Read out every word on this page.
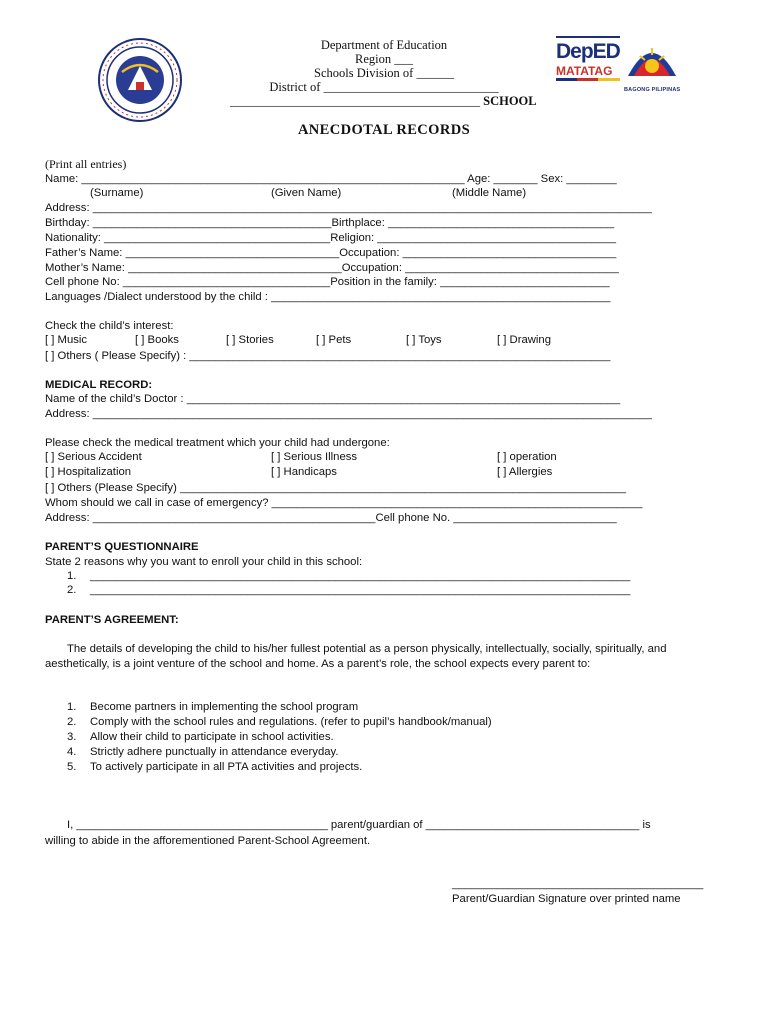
Department of Education
Region ___
Schools Division of ______
District of ____________________________
________________________________________ SCHOOL
DepED
MATATAG
BAGONG PILIPINAS
ANECDOTAL RECORDS
(Print all entries)
Name: _____________________________________________________________ Age: _______ Sex: ________
(Surname)	(Given Name)	(Middle Name)
Address: _________________________________________________________________________________________
Birthday: ______________________________________Birthplace: ____________________________________
Nationality: ____________________________________Religion: ______________________________________
Father’s Name: __________________________________Occupation: __________________________________
Mother’s Name: __________________________________Occupation: __________________________________
Cell phone No: _________________________________Position in the family: ___________________________
Languages /Dialect understood by the child : ______________________________________________________
Check the child’s interest:
[ ] Music	[ ] Books	[ ] Stories	[ ] Pets	[ ] Toys	[ ] Drawing
[ ] Others ( Please Specify) : ___________________________________________________________________
MEDICAL RECORD:
Name of the child’s Doctor : _____________________________________________________________________
Address: _________________________________________________________________________________________
Please check the medical treatment which your child had undergone:
[ ] Serious Accident	[ ] Serious Illness	[ ] operation
[ ] Hospitalization	[ ] Handicaps	[ ] Allergies
[ ] Others (Please Specify) _______________________________________________________________________
Whom should we call in case of emergency? ___________________________________________________________
Address: _____________________________________________Cell phone No. __________________________
PARENT’S QUESTIONNAIRE
State 2 reasons why you want to enroll your child in this school:
1. ______________________________________________________________________________________
2. ______________________________________________________________________________________
PARENT’S AGREEMENT:
The details of developing the child to his/her fullest potential as a person physically, intellectually, socially, spiritually, and aesthetically, is a joint venture of the school and home. As a parent’s role, the school expects every parent to:
1. Become partners in implementing the school program
2. Comply with the school rules and regulations. (refer to pupil’s handbook/manual)
3. Allow their child to participate in school activities.
4. Strictly adhere punctually in attendance everyday.
5. To actively participate in all PTA activities and projects.
I, ________________________________________ parent/guardian of __________________________________ is
willing to abide in the afforementioned Parent-School Agreement.
________________________________________
Parent/Guardian Signature over printed name
